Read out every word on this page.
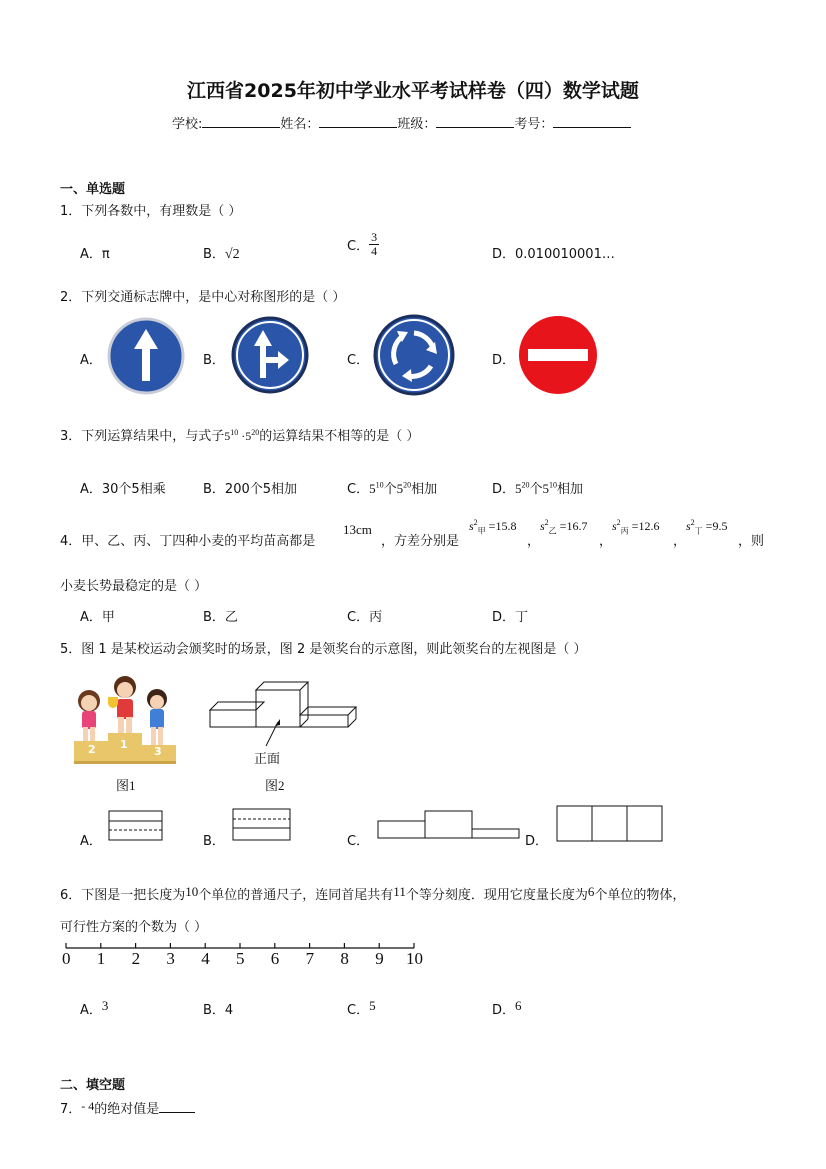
江西省2025年初中学业水平考试样卷（四）数学试题
学校:	姓名：	班级：	考号：
一、单选题
1．下列各数中，有理数是（ ）
A．π	B．√2
C． $\frac{3}{4}$	D．0.010010001…
2．下列交通标志牌中，是中心对称图形的是（ ）
A．	B．	C．	D．
3．下列运算结果中，与式子$5^{10} \cdot 5^{20}$的运算结果不相等的是（ ）
A．30个5相乘	B．200个5相加	C．$5^{10}$个$5^{20}$相加	D．$5^{20}$个$5^{10}$相加
4．甲、乙、丙、丁四种小麦的平均苗高都是
13cm
，方差分别是
$s^2_甲 =15.8$
，
$s^2_乙 =16.7$
，
$s^2_丙 =12.6$
，
$s^2_丁 =9.5$
，则
小麦长势最稳定的是（ ）
A．甲	B．乙	C．丙	D．丁
5．图 1 是某校运动会颁奖时的场景，图 2 是领奖台的示意图，则此领奖台的左视图是（ ）
2 1
3
图1
正面
图2
A．	B．	C．	D．
6．下图是一把长度为10个单位的普通尺子，连同首尾共有11个等分刻度．现用它度量长度为6个单位的物体，
可行性方案的个数为（ ）
0 1 2 3 4 5 6 7 8 9 10
A．3	B．4	C．5	D．6
二、填空题
7．- 4的绝对值是
